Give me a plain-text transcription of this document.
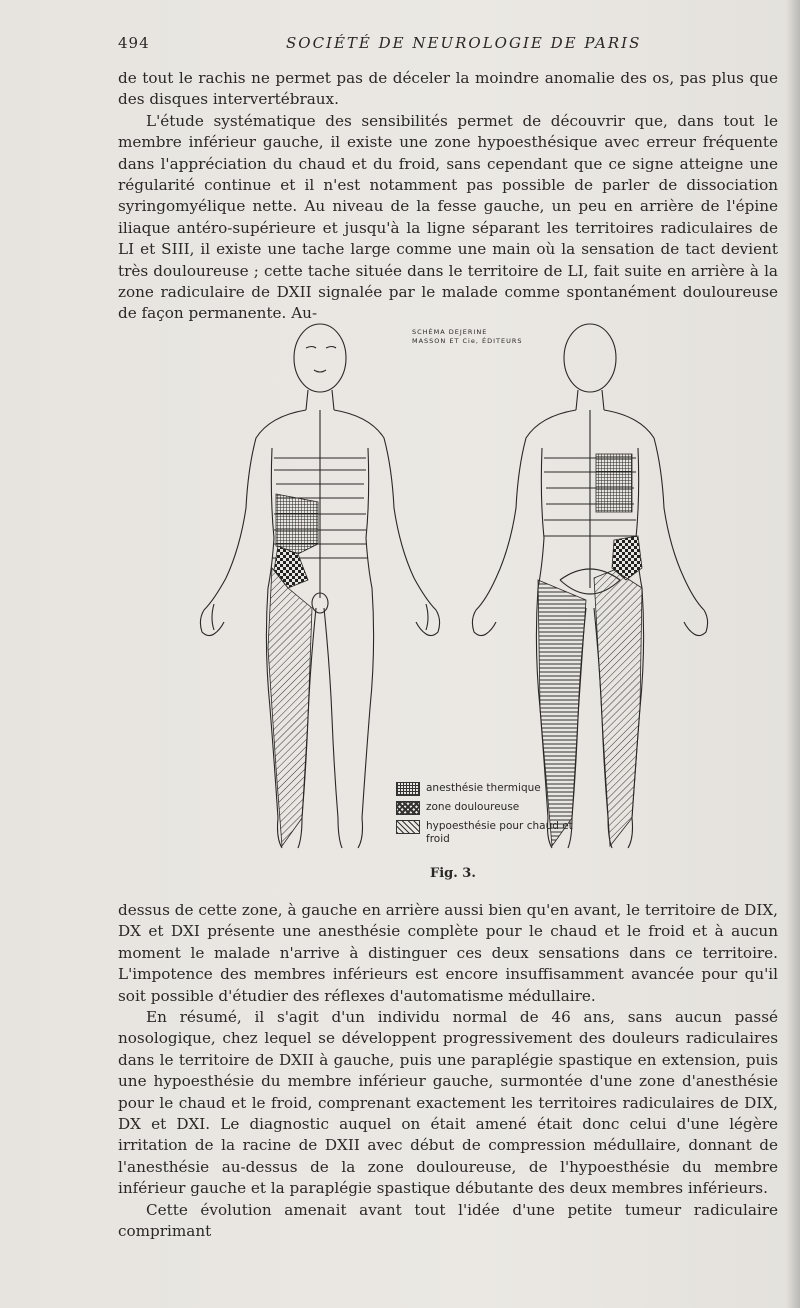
494	SOCIÉTÉ DE NEUROLOGIE DE PARIS

de tout le rachis ne permet pas de déceler la moindre anomalie des os, pas plus que des disques intervertébraux.

L'étude systématique des sensibilités permet de découvrir que, dans tout le membre inférieur gauche, il existe une zone hypoesthésique avec erreur fréquente dans l'appréciation du chaud et du froid, sans cependant que ce signe atteigne une régularité continue et il n'est notamment pas possible de parler de dissociation syringomyélique nette. Au niveau de la fesse gauche, un peu en arrière de l'épine iliaque antéro-supérieure et jusqu'à la ligne séparant les territoires radiculaires de LI et SIII, il existe une tache large comme une main où la sensation de tact devient très douloureuse ; cette tache située dans le territoire de LI, fait suite en arrière à la zone radiculaire de DXII signalée par le malade comme spontanément douloureuse de façon permanente. Au-

SCHÉMA DEJERINE
MASSON ET Cie, ÉDITEURS
anesthésie thermique
zone douloureuse
hypoesthésie pour chaud et froid
Fig. 3.

dessus de cette zone, à gauche en arrière aussi bien qu'en avant, le territoire de DIX, DX et DXI présente une anesthésie complète pour le chaud et le froid et à aucun moment le malade n'arrive à distinguer ces deux sensations dans ce territoire. L'impotence des membres inférieurs est encore insuffisamment avancée pour qu'il soit possible d'étudier des réflexes d'automatisme médullaire.

En résumé, il s'agit d'un individu normal de 46 ans, sans aucun passé nosologique, chez lequel se développent progressivement des douleurs radiculaires dans le territoire de DXII à gauche, puis une paraplégie spastique en extension, puis une hypoesthésie du membre inférieur gauche, surmontée d'une zone d'anesthésie pour le chaud et le froid, comprenant exactement les territoires radiculaires de DIX, DX et DXI. Le diagnostic auquel on était amené était donc celui d'une légère irritation de la racine de DXII avec début de compression médullaire, donnant de l'anesthésie au-dessus de la zone douloureuse, de l'hypoesthésie du membre inférieur gauche et la paraplégie spastique débutante des deux membres inférieurs.

Cette évolution amenait avant tout l'idée d'une petite tumeur radiculaire comprimant
